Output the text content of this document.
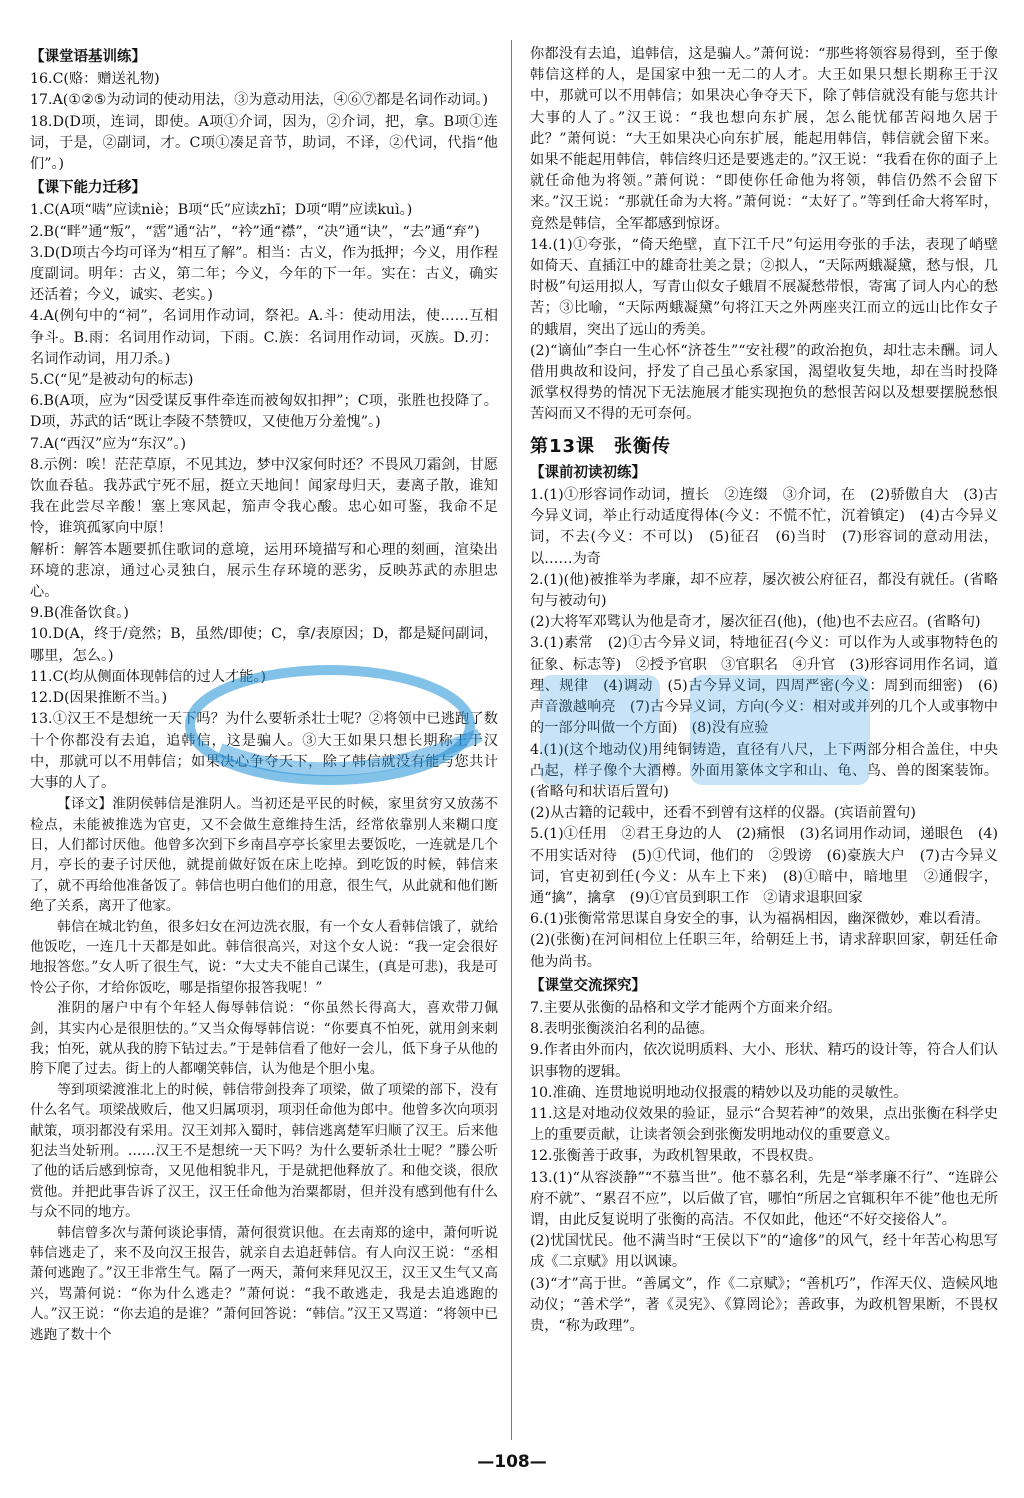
【课堂语基训练】

16.C(赂：赠送礼物)

17.A(①②⑤为动词的使动用法，③为意动用法，④⑥⑦都是名词作动词。)

18.D(D项，连词，即使。A项①介词，因为，②介词，把，拿。B项①连词，于是，②副词，才。C项①凑足音节，助词，不译，②代词，代指“他们”。)

【课下能力迁移】

1.C(A项“啮”应读niè；B项“氏”应读zhī；D项“喟”应读kuì。)

2.B(“畔”通“叛”，“霑”通“沾”，“衿”通“襟”，“决”通“诀”，“去”通“弃”)

3.D(D项古今均可译为“相互了解”。相当：古义，作为抵押；今义，用作程度副词。明年：古义，第二年；今义，今年的下一年。实在：古义，确实还活着；今义，诚实、老实。)

4.A(例句中的“祠”，名词用作动词，祭祀。A.斗：使动用法，使……互相争斗。B.雨：名词用作动词，下雨。C.族：名词用作动词，灭族。D.刃：名词作动词，用刀杀。)

5.C(“见”是被动句的标志)

6.B(A项，应为“因受谋反事件牵连而被匈奴扣押”；C项，张胜也投降了。D项，苏武的话“既让李陵不禁赞叹，又使他万分羞愧”。)

7.A(“西汉”应为“东汉”。)

8.示例：唉！茫茫草原，不见其边，梦中汉家何时还？不畏风刀霜剑，甘愿饮血吞毡。我苏武宁死不屈，挺立天地间！闻家母归天，妻离子散，谁知我在此尝尽辛酸！塞上寒风起，笳声令我心酸。忠心如可鉴，我命不足怜，谁筑孤冢向中原！

解析：解答本题要抓住歌词的意境，运用环境描写和心理的刻画，渲染出环境的悲凉，通过心灵独白，展示生存环境的恶劣，反映苏武的赤胆忠心。

9.B(准备饮食。)

10.D(A，终于/竟然；B，虽然/即使；C，拿/表原因；D，都是疑问副词，哪里，怎么。)

11.C(均从侧面体现韩信的过人才能。)

12.D(因果推断不当。)

13.①汉王不是想统一天下吗？为什么要斩杀壮士呢？②将领中已逃跑了数十个你都没有去追，追韩信，这是骗人。③大王如果只想长期称王于汉中，那就可以不用韩信；如果决心争夺天下，除了韩信就没有能与您共计大事的人了。

【译文】淮阴侯韩信是淮阴人。当初还是平民的时候，家里贫穷又放荡不检点，未能被推选为官吏，又不会做生意维持生活，经常依靠别人来糊口度日，人们都讨厌他。他曾多次到下乡南昌亭亭长家里去要饭吃，一连就是几个月，亭长的妻子讨厌他，就提前做好饭在床上吃掉。到吃饭的时候，韩信来了，就不再给他准备饭了。韩信也明白他们的用意，很生气，从此就和他们断绝了关系，离开了他家。

韩信在城北钓鱼，很多妇女在河边洗衣服，有一个女人看韩信饿了，就给他饭吃，一连几十天都是如此。韩信很高兴，对这个女人说：“我一定会很好地报答您。”女人听了很生气，说：“大丈夫不能自己谋生，(真是可悲)，我是可怜公子你，才给你饭吃，哪是指望你报答我呢！”

淮阴的屠户中有个年轻人侮辱韩信说：“你虽然长得高大，喜欢带刀佩剑，其实内心是很胆怯的。”又当众侮辱韩信说：“你要真不怕死，就用剑来刺我；怕死，就从我的胯下钻过去。”于是韩信看了他好一会儿，低下身子从他的胯下爬了过去。街上的人都嘲笑韩信，认为他是个胆小鬼。

等到项梁渡淮北上的时候，韩信带剑投奔了项梁，做了项梁的部下，没有什么名气。项梁战败后，他又归属项羽，项羽任命他为郎中。他曾多次向项羽献策，项羽都没有采用。汉王刘邦入蜀时，韩信逃离楚军归顺了汉王。后来他犯法当处斩刑。……汉王不是想统一天下吗？为什么要斩杀壮士呢？”滕公听了他的话后感到惊奇，又见他相貌非凡，于是就把他释放了。和他交谈，很欣赏他。并把此事告诉了汉王，汉王任命他为治粟都尉，但并没有感到他有什么与众不同的地方。

韩信曾多次与萧何谈论事情，萧何很赏识他。在去南郑的途中，萧何听说韩信逃走了，来不及向汉王报告，就亲自去追赶韩信。有人向汉王说：“丞相萧何逃跑了。”汉王非常生气。隔了一两天，萧何来拜见汉王，汉王又生气又高兴，骂萧何说：“你为什么逃走？”萧何说：“我不敢逃走，我是去追逃跑的人。”汉王说：“你去追的是谁？”萧何回答说：“韩信。”汉王又骂道：“将领中已逃跑了数十个

你都没有去追，追韩信，这是骗人。”萧何说：“那些将领容易得到，至于像韩信这样的人，是国家中独一无二的人才。大王如果只想长期称王于汉中，那就可以不用韩信；如果决心争夺天下，除了韩信就没有能与您共计大事的人了。”汉王说：“我也想向东扩展，怎么能忧郁苦闷地久居于此？”萧何说：“大王如果决心向东扩展，能起用韩信，韩信就会留下来。如果不能起用韩信，韩信终归还是要逃走的。”汉王说：“我看在你的面子上就任命他为将领。”萧何说：“即使你任命他为将领，韩信仍然不会留下来。”汉王说：“那就任命为大将。”萧何说：“太好了。”等到任命大将军时，竟然是韩信，全军都感到惊讶。

14.(1)①夸张，“倚天绝壁，直下江千尺”句运用夸张的手法，表现了峭壁如倚天、直插江中的雄奇壮美之景；②拟人，“天际两蛾凝黛，愁与恨，几时极”句运用拟人，写青山似女子蛾眉不展凝愁带恨，寄寓了词人内心的愁苦；③比喻，“天际两蛾凝黛”句将江天之外两座夹江而立的远山比作女子的蛾眉，突出了远山的秀美。

(2)“谪仙”李白一生心怀“济苍生”“安社稷”的政治抱负，却壮志未酬。词人借用典故和设问，抒发了自己虽心系家国，渴望收复失地，却在当时投降派掌权得势的情况下无法施展才能实现抱负的愁恨苦闷以及想要摆脱愁恨苦闷而又不得的无可奈何。

第13课　张衡传

【课前初读初练】

1.(1)①形容词作动词，擅长　②连缀　③介词，在　(2)骄傲自大　(3)古今异义词，举止行动适度得体(今义：不慌不忙，沉着镇定)　(4)古今异义词，不去(今义：不可以)　(5)征召　(6)当时　(7)形容词的意动用法，以……为奇

2.(1)(他)被推举为孝廉，却不应荐，屡次被公府征召，都没有就任。(省略句与被动句)

(2)大将军邓骘认为他是奇才，屡次征召(他)，(他)也不去应召。(省略句)

3.(1)素常　(2)①古今异义词，特地征召(今义：可以作为人或事物特色的征象、标志等)　②授予官职　③官职名　④升官　(3)形容词用作名词，道理、规律　(4)调动　(5)古今异义词，四周严密(今义：周到而细密)　(6)声音激越响亮　(7)古今异义词，方向(今义：相对或并列的几个人或事物中的一部分叫做一个方面)　(8)没有应验

4.(1)(这个地动仪)用纯铜铸造，直径有八尺，上下两部分相合盖住，中央凸起，样子像个大酒樽。外面用篆体文字和山、龟、鸟、兽的图案装饰。(省略句和状语后置句)

(2)从古籍的记载中，还看不到曾有这样的仪器。(宾语前置句)

5.(1)①任用　②君王身边的人　(2)痛恨　(3)名词用作动词，递眼色　(4)不用实话对待　(5)①代词，他们的　②毁谤　(6)豪族大户　(7)古今异义词，官吏初到任(今义：从车上下来)　(8)①暗中，暗地里　②通假字，通“擒”，擒拿　(9)①官员到职工作　②请求退职回家

6.(1)张衡常常思谋自身安全的事，认为福祸相因，幽深微妙，难以看清。

(2)(张衡)在河间相位上任职三年，给朝廷上书，请求辞职回家，朝廷任命他为尚书。

【课堂交流探究】

7.主要从张衡的品格和文学才能两个方面来介绍。

8.表明张衡淡泊名利的品德。

9.作者由外而内，依次说明质料、大小、形状、精巧的设计等，符合人们认识事物的逻辑。

10.准确、连贯地说明地动仪报震的精妙以及功能的灵敏性。

11.这是对地动仪效果的验证，显示“合契若神”的效果，点出张衡在科学史上的重要贡献，让读者领会到张衡发明地动仪的重要意义。

12.张衡善于政事，为政机智果敢，不畏权贵。

13.(1)“从容淡静”“不慕当世”。他不慕名利，先是“举孝廉不行”、“连辟公府不就”、“累召不应”，以后做了官，哪怕“所居之官辄积年不徙”他也无所谓，由此反复说明了张衡的高洁。不仅如此，他还“不好交接俗人”。

(2)忧国忧民。他不满当时“王侯以下”的“逾侈”的风气，经十年苦心构思写成《二京赋》用以讽谏。

(3)“才”高于世。“善属文”，作《二京赋》；“善机巧”，作浑天仪、造候风地动仪；“善术学”，著《灵宪》、《算罔论》；善政事，为政机智果断，不畏权贵，“称为政理”。

—108—
